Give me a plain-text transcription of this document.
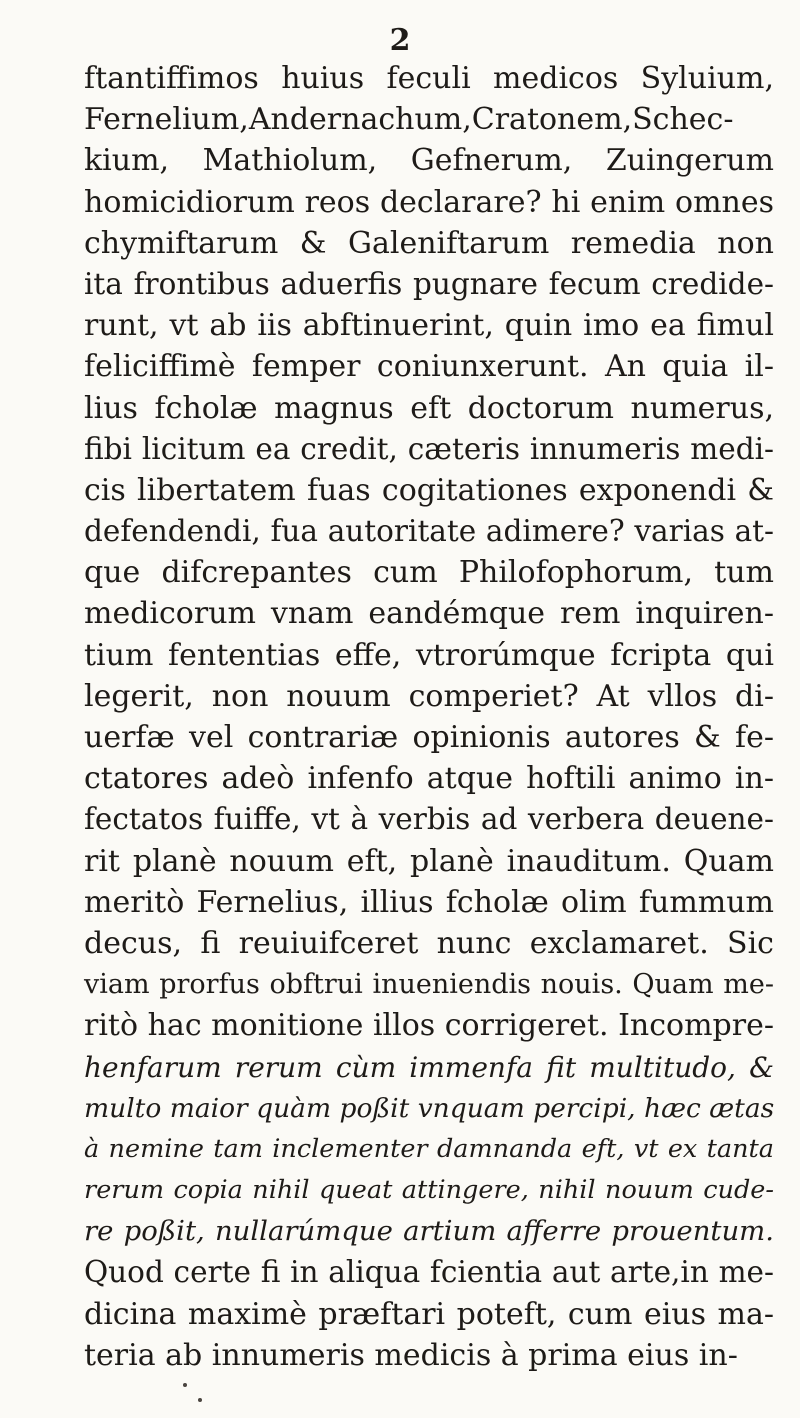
2
ftantiffimos huius feculi medicos Syluium,
Fernelium,Andernachum,Cratonem,Schec-
kium, Mathiolum, Gefnerum, Zuingerum
homicidiorum reos declarare? hi enim omnes
chymiftarum & Galeniftarum remedia non
ita frontibus aduerfis pugnare fecum credide-
runt, vt ab iis abftinuerint, quin imo ea fimul
feliciffimè femper coniunxerunt. An quia il-
lius fcholæ magnus eft doctorum numerus,
fibi licitum ea credit, cæteris innumeris medi-
cis libertatem fuas cogitationes exponendi &
defendendi, fua autoritate adimere? varias at-
que difcrepantes cum Philofophorum, tum
medicorum vnam eandémque rem inquiren-
tium fententias effe, vtrorúmque fcripta qui
legerit, non nouum comperiet? At vllos di-
uerfæ vel contrariæ opinionis autores & fe-
ctatores adeò infenfo atque hoftili animo in-
fectatos fuiffe, vt à verbis ad verbera deuene-
rit planè nouum eft, planè inauditum. Quam
meritò Fernelius, illius fcholæ olim fummum
decus, fi reuiuifceret nunc exclamaret. Sic
viam prorfus obftrui inueniendis nouis. Quam me-
ritò hac monitione illos corrigeret. Incompre-
henfarum rerum cùm immenfa fit multitudo, &
multo maior quàm poßit vnquam percipi, hæc ætas
à nemine tam inclementer damnanda eft, vt ex tanta
rerum copia nihil queat attingere, nihil nouum cude-
re poßit, nullarúmque artium afferre prouentum.
Quod certe fi in aliqua fcientia aut arte,in me-
dicina maximè præftari poteft, cum eius ma-
teria ab innumeris medicis à prima eius in-
